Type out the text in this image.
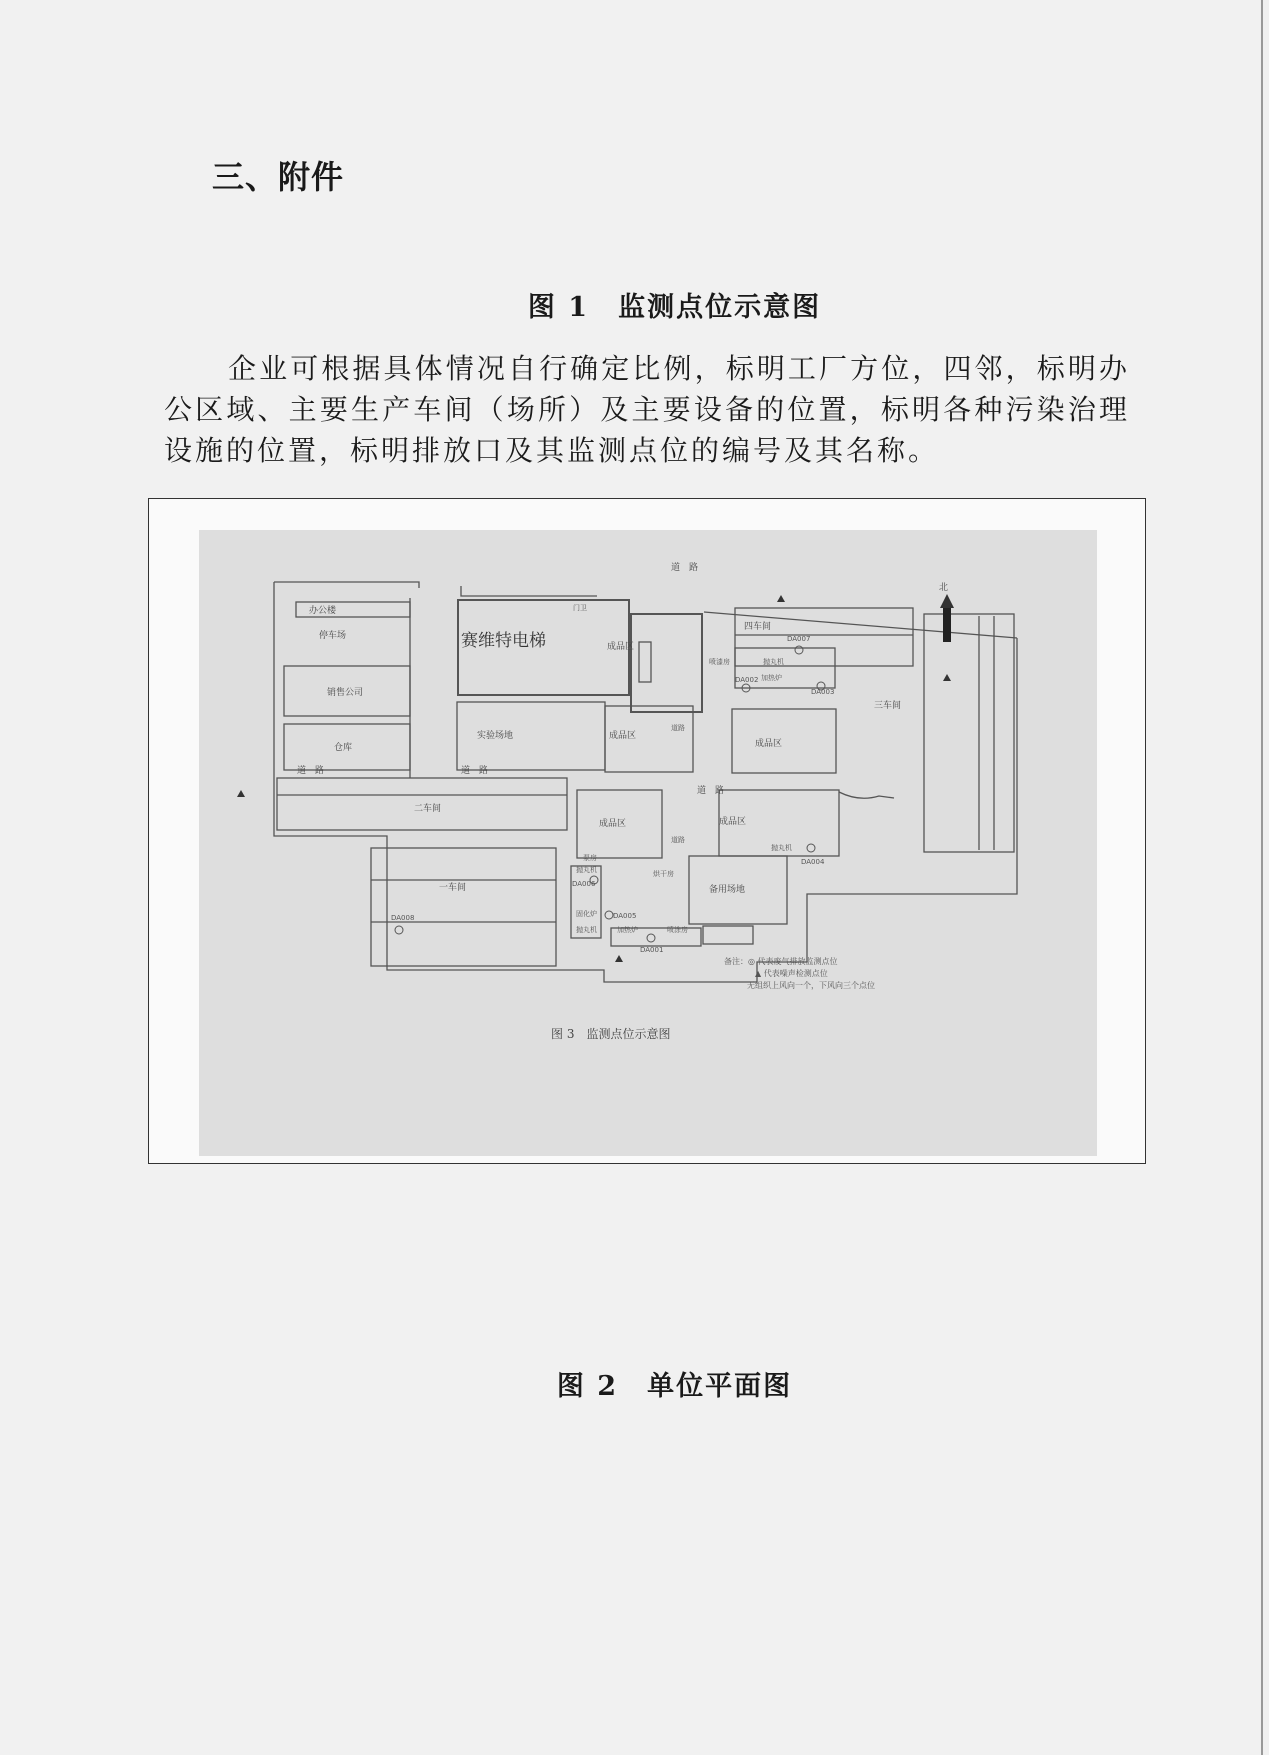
三、附件
图 1　监测点位示意图
企业可根据具体情况自行确定比例，标明工厂方位，四邻，标明办公区域、主要生产车间（场所）及主要设备的位置，标明各种污染治理设施的位置，标明排放口及其监测点位的编号及其名称。
北
道　路
办公楼
停车场
销售公司
仓库
赛维特电梯
门卫
成品区
四车间
喷漆房	抛丸机
加热炉
三车间
实验场地	成品区
成品区
道　路	道　路
道　路
道路
道路
二车间
成品区	成品区
一车间	备用场地
泵房
抛丸机	烘干房
固化炉
抛丸机	加热炉	喷涂房
抛丸机
DA007
DA002
DA003
DA004
DA006
DA005
DA001
DA008
备注：◎ 代表废气排放监测点位
▲ 代表噪声检测点位
无组织上风向一个，下风向三个点位
图 3　监测点位示意图
图 2　单位平面图
